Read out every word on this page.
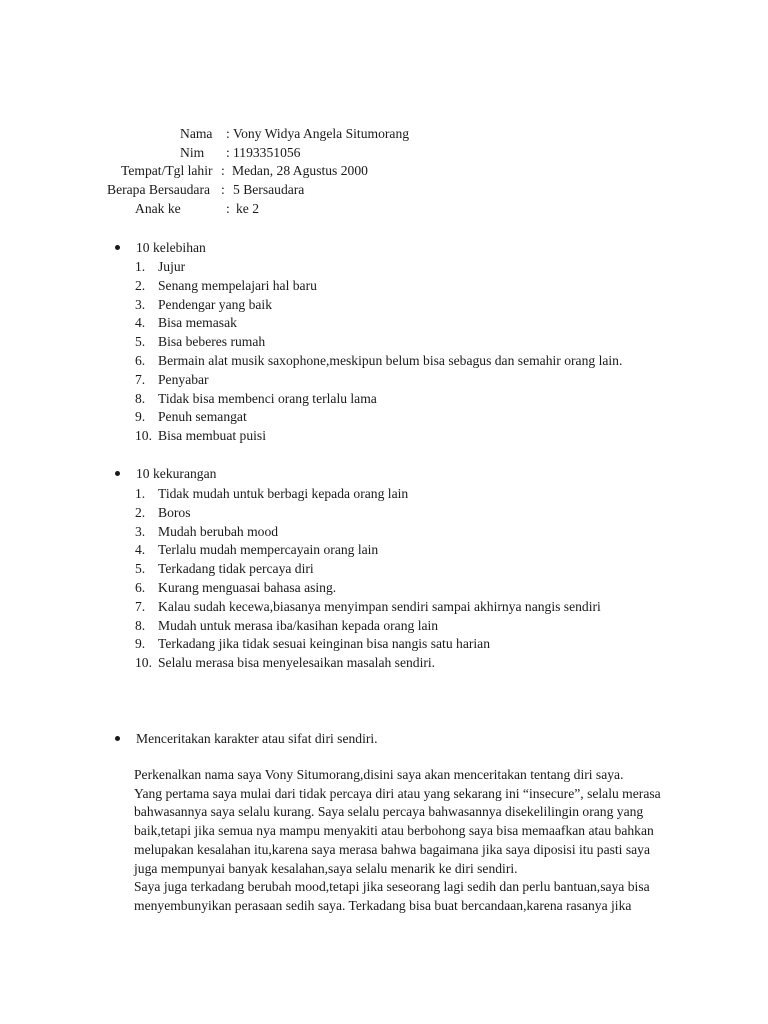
Nama : Vony Widya Angela Situmorang
Nim : 1193351056
Tempat/Tgl lahir : Medan, 28 Agustus 2000
Berapa Bersaudara : 5 Bersaudara
Anak ke	: ke 2
10 kelebihan
1. Jujur
2. Senang mempelajari hal baru
3. Pendengar yang baik
4. Bisa memasak
5. Bisa beberes rumah
6. Bermain alat musik saxophone,meskipun belum bisa sebagus dan semahir orang lain.
7. Penyabar
8. Tidak bisa membenci orang terlalu lama
9. Penuh semangat
10. Bisa membuat puisi
10 kekurangan
1. Tidak mudah untuk berbagi kepada orang lain
2. Boros
3. Mudah berubah mood
4. Terlalu mudah mempercayain orang lain
5. Terkadang tidak percaya diri
6. Kurang menguasai bahasa asing.
7. Kalau sudah kecewa,biasanya menyimpan sendiri sampai akhirnya nangis sendiri
8. Mudah untuk merasa iba/kasihan kepada orang lain
9. Terkadang jika tidak sesuai keinginan bisa nangis satu harian
10. Selalu merasa bisa menyelesaikan masalah sendiri.
Menceritakan karakter atau sifat diri sendiri.
Perkenalkan nama saya Vony Situmorang,disini saya akan menceritakan tentang diri saya.
Yang pertama saya mulai dari tidak percaya diri atau yang sekarang ini “insecure”, selalu merasa
bahwasannya saya selalu kurang. Saya selalu percaya bahwasannya disekelilingin orang yang
baik,tetapi jika semua nya mampu menyakiti atau berbohong saya bisa memaafkan atau bahkan
melupakan kesalahan itu,karena saya merasa bahwa bagaimana jika saya diposisi itu pasti saya
juga mempunyai banyak kesalahan,saya selalu menarik ke diri sendiri.
Saya juga terkadang berubah mood,tetapi jika seseorang lagi sedih dan perlu bantuan,saya bisa
menyembunyikan perasaan sedih saya. Terkadang bisa buat bercandaan,karena rasanya jika
